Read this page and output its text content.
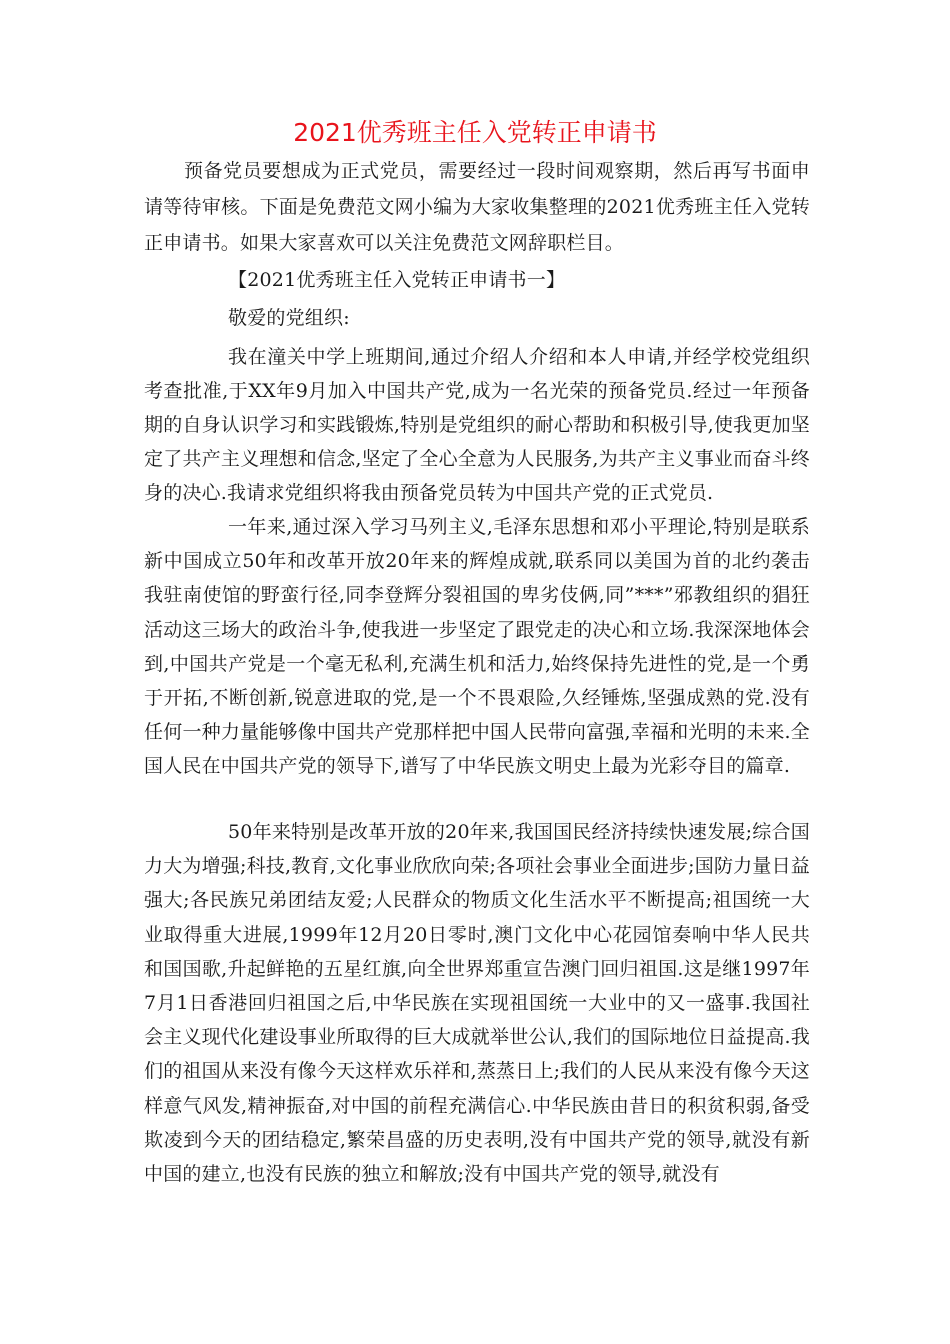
2021优秀班主任入党转正申请书

预备党员要想成为正式党员，需要经过一段时间观察期，然后再写书面申请等待审核。下面是免费范文网小编为大家收集整理的2021优秀班主任入党转正申请书。如果大家喜欢可以关注免费范文网辞职栏目。

【2021优秀班主任入党转正申请书一】

敬爱的党组织:

我在潼关中学上班期间,通过介绍人介绍和本人申请,并经学校党组织考查批准,于XX年9月加入中国共产党,成为一名光荣的预备党员.经过一年预备期的自身认识学习和实践锻炼,特别是党组织的耐心帮助和积极引导,使我更加坚定了共产主义理想和信念,坚定了全心全意为人民服务,为共产主义事业而奋斗终身的决心.我请求党组织将我由预备党员转为中国共产党的正式党员.

一年来,通过深入学习马列主义,毛泽东思想和邓小平理论,特别是联系新中国成立50年和改革开放20年来的辉煌成就,联系同以美国为首的北约袭击我驻南使馆的野蛮行径,同李登辉分裂祖国的卑劣伎俩,同”***”邪教组织的猖狂活动这三场大的政治斗争,使我进一步坚定了跟党走的决心和立场.我深深地体会到,中国共产党是一个毫无私利,充满生机和活力,始终保持先进性的党,是一个勇于开拓,不断创新,锐意进取的党,是一个不畏艰险,久经锤炼,坚强成熟的党.没有任何一种力量能够像中国共产党那样把中国人民带向富强,幸福和光明的未来.全国人民在中国共产党的领导下,谱写了中华民族文明史上最为光彩夺目的篇章.

50年来特别是改革开放的20年来,我国国民经济持续快速发展;综合国力大为增强;科技,教育,文化事业欣欣向荣;各项社会事业全面进步;国防力量日益强大;各民族兄弟团结友爱;人民群众的物质文化生活水平不断提高;祖国统一大业取得重大进展,1999年12月20日零时,澳门文化中心花园馆奏响中华人民共和国国歌,升起鲜艳的五星红旗,向全世界郑重宣告澳门回归祖国.这是继1997年7月1日香港回归祖国之后,中华民族在实现祖国统一大业中的又一盛事.我国社会主义现代化建设事业所取得的巨大成就举世公认,我们的国际地位日益提高.我们的祖国从来没有像今天这样欢乐祥和,蒸蒸日上;我们的人民从来没有像今天这样意气风发,精神振奋,对中国的前程充满信心.中华民族由昔日的积贫积弱,备受欺凌到今天的团结稳定,繁荣昌盛的历史表明,没有中国共产党的领导,就没有新中国的建立,也没有民族的独立和解放;没有中国共产党的领导,就没有
